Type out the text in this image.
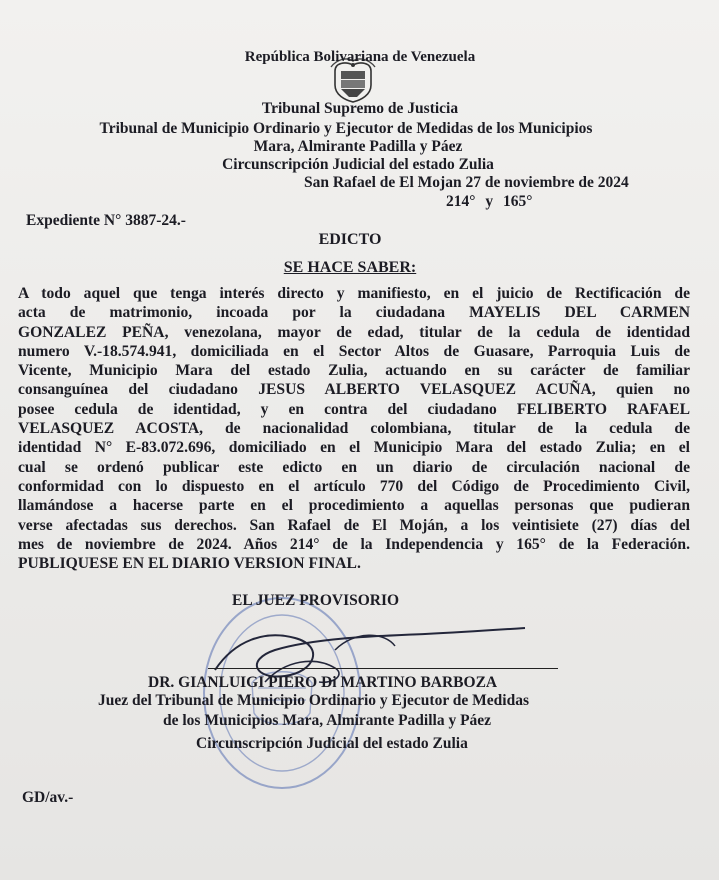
República Bolivariana de Venezuela
Tribunal Supremo de Justicia
Tribunal de Municipio Ordinario y Ejecutor de Medidas de los Municipios
Mara, Almirante Padilla y Páez
Circunscripción Judicial del estado Zulia
San Rafael de El Mojan 27 de noviembre de 2024
214° y 165°
Expediente N° 3887-24.-
EDICTO
SE HACE SABER:
A todo aquel que tenga interés directo y manifiesto, en el juicio de Rectificación de
acta de matrimonio, incoada por la ciudadana MAYELIS DEL CARMEN
GONZALEZ PEÑA, venezolana, mayor de edad, titular de la cedula de identidad
numero V.-18.574.941, domiciliada en el Sector Altos de Guasare, Parroquia Luis de
Vicente, Municipio Mara del estado Zulia, actuando en su carácter de familiar
consanguínea del ciudadano JESUS ALBERTO VELASQUEZ ACUÑA, quien no
posee cedula de identidad, y en contra del ciudadano FELIBERTO RAFAEL
VELASQUEZ ACOSTA, de nacionalidad colombiana, titular de la cedula de
identidad N° E-83.072.696, domiciliado en el Municipio Mara del estado Zulia; en el
cual se ordenó publicar este edicto en un diario de circulación nacional de
conformidad con lo dispuesto en el artículo 770 del Código de Procedimiento Civil,
llamándose a hacerse parte en el procedimiento a aquellas personas que pudieran
verse afectadas sus derechos. San Rafael de El Moján, a los veintisiete (27) días del
mes de noviembre de 2024. Años 214° de la Independencia y 165° de la Federación.
PUBLIQUESE EN EL DIARIO VERSION FINAL.
EL JUEZ PROVISORIO
DR. GIANLUIGI PIERO Di MARTINO BARBOZA
Juez del Tribunal de Municipio Ordinario y Ejecutor de Medidas
de los Municipios Mara, Almirante Padilla y Páez
Circunscripción Judicial del estado Zulia
GD/av.-
